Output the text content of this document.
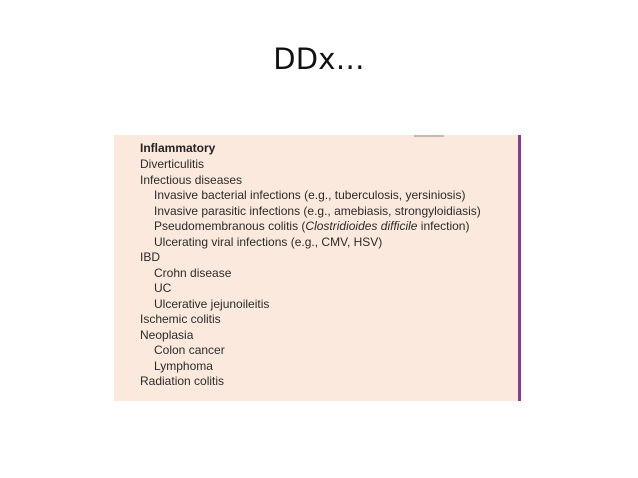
DDx…
Inflammatory
Diverticulitis
Infectious diseases
Invasive bacterial infections (e.g., tuberculosis, yersiniosis)
Invasive parasitic infections (e.g., amebiasis, strongyloidiasis)
Pseudomembranous colitis (Clostridioides difficile infection)
Ulcerating viral infections (e.g., CMV, HSV)
IBD
Crohn disease
UC
Ulcerative jejunoileitis
Ischemic colitis
Neoplasia
Colon cancer
Lymphoma
Radiation colitis
